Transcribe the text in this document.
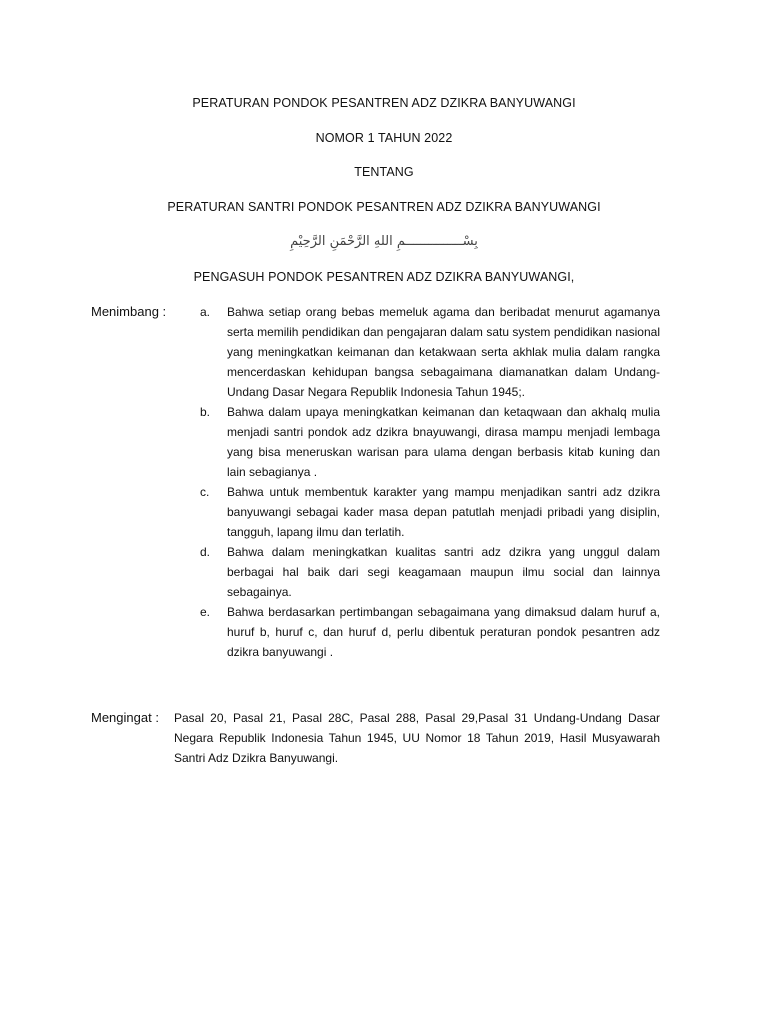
PERATURAN PONDOK PESANTREN ADZ DZIKRA BANYUWANGI
NOMOR 1 TAHUN 2022
TENTANG
PERATURAN SANTRI PONDOK PESANTREN ADZ DZIKRA BANYUWANGI
بِسْـــــــــــــــمِ اللهِ الرَّحْمَنِ الرَّحِيْمِ
PENGASUH PONDOK PESANTREN ADZ DZIKRA BANYUWANGI,
Menimbang :	a. Bahwa setiap orang bebas memeluk agama dan beribadat menurut agamanya serta memilih pendidikan dan pengajaran dalam satu system pendidikan nasional yang meningkatkan keimanan dan ketakwaan serta akhlak mulia dalam rangka mencerdaskan kehidupan bangsa sebagaimana diamanatkan dalam Undang-Undang Dasar Negara Republik Indonesia Tahun 1945;.
b. Bahwa dalam upaya meningkatkan keimanan dan ketaqwaan dan akhalq mulia menjadi santri pondok adz dzikra bnayuwangi, dirasa mampu menjadi lembaga yang bisa meneruskan warisan para ulama dengan berbasis kitab kuning dan lain sebagianya .
c. Bahwa untuk membentuk karakter yang mampu menjadikan santri adz dzikra banyuwangi sebagai kader masa depan patutlah menjadi pribadi yang disiplin, tangguh, lapang ilmu dan terlatih.
d. Bahwa dalam meningkatkan kualitas santri adz dzikra yang unggul dalam berbagai hal baik dari segi keagamaan maupun ilmu social dan lainnya sebagainya.
e. Bahwa berdasarkan pertimbangan sebagaimana yang dimaksud dalam huruf a, huruf b, huruf c, dan huruf d, perlu dibentuk peraturan pondok pesantren adz dzikra banyuwangi .
Mengingat : Pasal 20, Pasal 21, Pasal 28C, Pasal 288, Pasal 29,Pasal 31 Undang-Undang Dasar Negara Republik Indonesia Tahun 1945, UU Nomor 18 Tahun 2019, Hasil Musyawarah Santri Adz Dzikra Banyuwangi.
